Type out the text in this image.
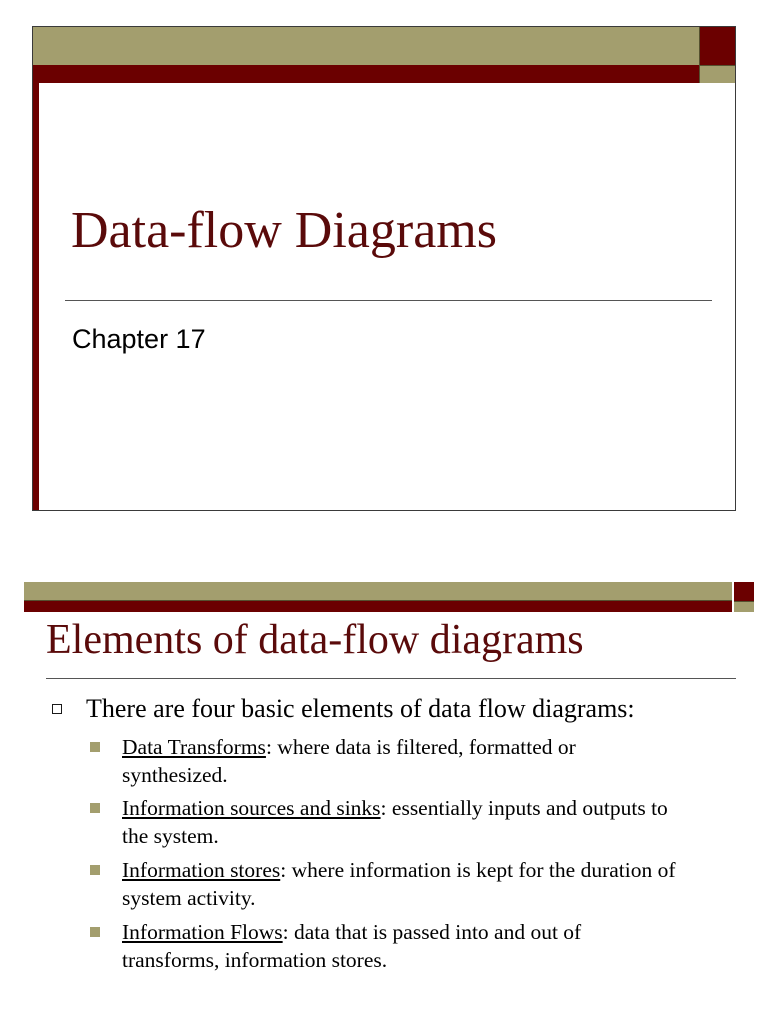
Data-flow Diagrams
Chapter 17
Elements of data-flow diagrams
There are four basic elements of data flow diagrams:
Data Transforms: where data is filtered, formatted or synthesized.
Information sources and sinks: essentially inputs and outputs to the system.
Information stores: where information is kept for the duration of system activity.
Information Flows: data that is passed into and out of transforms, information stores.
